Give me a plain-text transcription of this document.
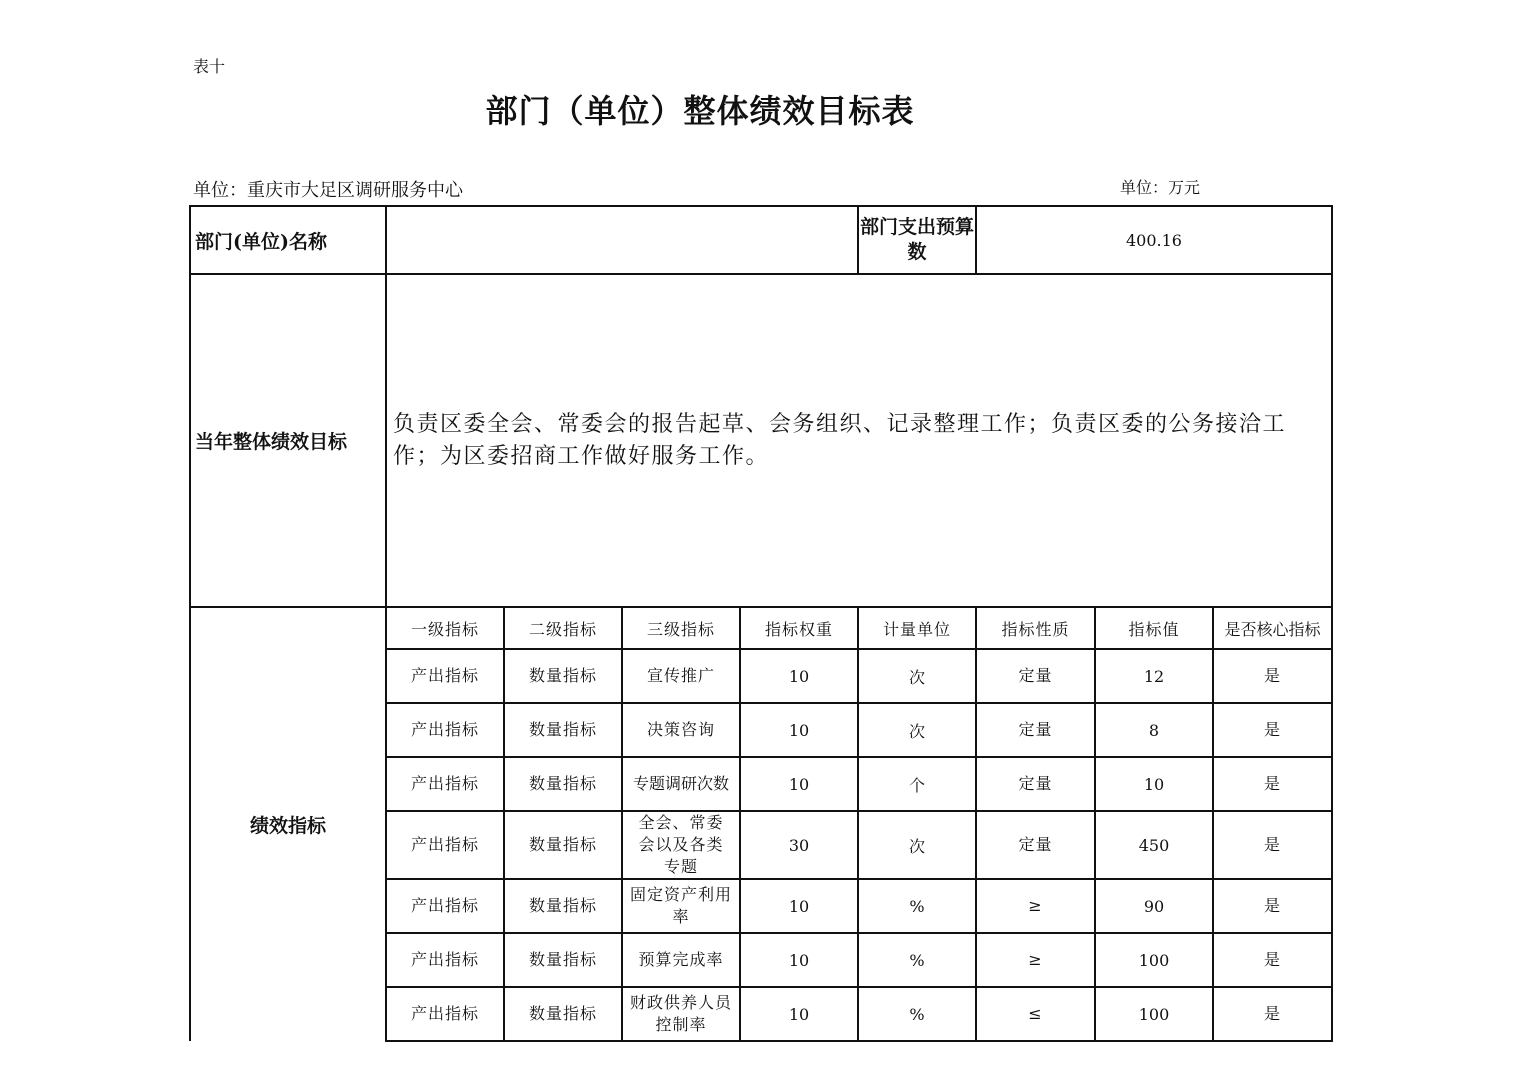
表十
部门（单位）整体绩效目标表
单位：重庆市大足区调研服务中心	单位：万元
部门(单位)名称					部门支出预算数	400.16		
当年整体绩效目标	负责区委全会、常委会的报告起草、会务组织、记录整理工作；负责区委的公务接洽工作；为区委招商工作做好服务工作。							
绩效指标	一级指标	二级指标	三级指标	指标权重	计量单位	指标性质	指标值	是否核心指标
	产出指标	数量指标	宣传推广	10	次	定量	12	是
	产出指标	数量指标	决策咨询	10	次	定量	8	是
	产出指标	数量指标	专题调研次数	10	个	定量	10	是
	产出指标	数量指标	全会、常委会以及各类专题	30	次	定量	450	是
	产出指标	数量指标	固定资产利用率	10	%	≥	90	是
	产出指标	数量指标	预算完成率	10	%	≥	100	是
	产出指标	数量指标	财政供养人员控制率	10	%	≤	100	是
